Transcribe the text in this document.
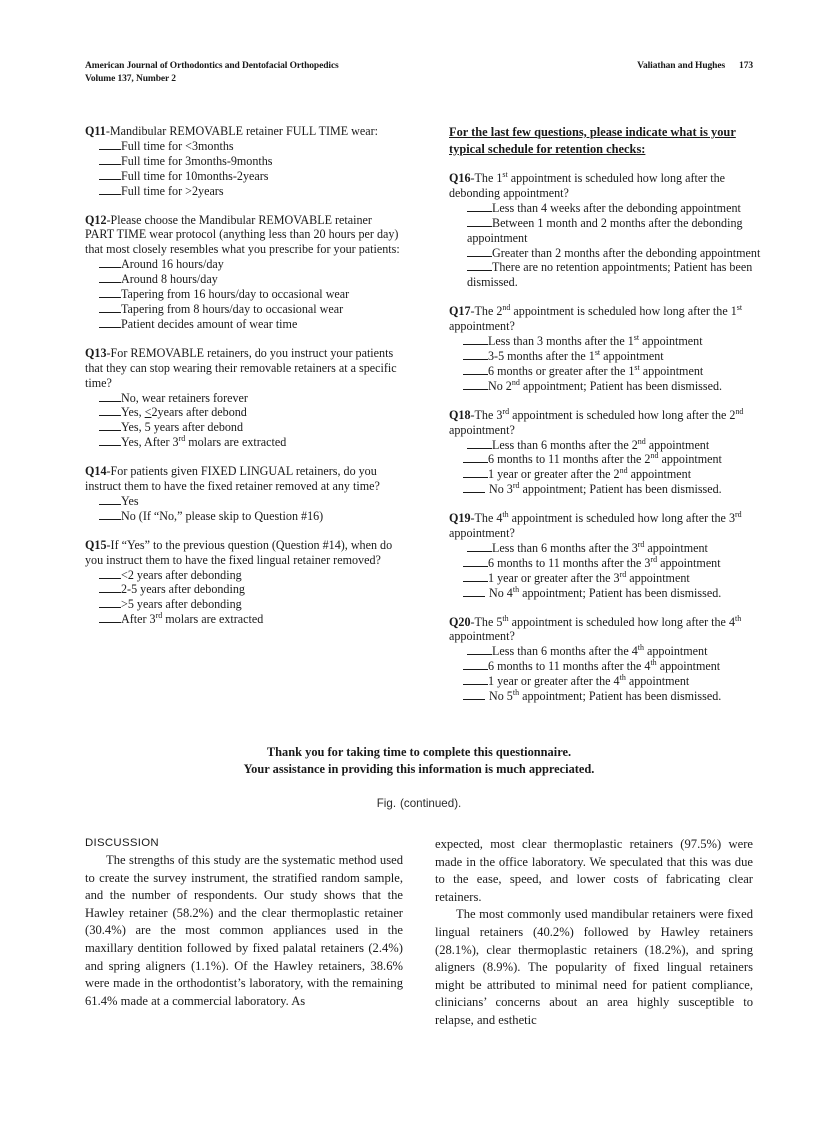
American Journal of Orthodontics and Dentofacial Orthopedics
Volume 137, Number 2
Valiathan and Hughes 173

Q11-Mandibular REMOVABLE retainer FULL TIME wear:

Full time for <3months
Full time for 3months-9months
Full time for 10months-2years
Full time for >2years

Q12-Please choose the Mandibular REMOVABLE retainer PART TIME wear protocol (anything less than 20 hours per day) that most closely resembles what you prescribe for your patients:

Around 16 hours/day
Around 8 hours/day
Tapering from 16 hours/day to occasional wear
Tapering from 8 hours/day to occasional wear
Patient decides amount of wear time

Q13-For REMOVABLE retainers, do you instruct your patients that they can stop wearing their removable retainers at a specific time?

No, wear retainers forever
Yes, <2years after debond
Yes, 5 years after debond
Yes, After 3rd molars are extracted

Q14-For patients given FIXED LINGUAL retainers, do you instruct them to have the fixed retainer removed at any time?

Yes
No (If “No,” please skip to Question #16)

Q15-If “Yes” to the previous question (Question #14), when do you instruct them to have the fixed lingual retainer removed?

<2 years after debonding
2-5 years after debonding
>5 years after debonding
After 3rd molars are extracted

For the last few questions, please indicate what is your typical schedule for retention checks:

Q16-The 1st appointment is scheduled how long after the debonding appointment?

Less than 4 weeks after the debonding appointment
Between 1 month and 2 months after the debonding appointment
Greater than 2 months after the debonding appointment
There are no retention appointments; Patient has been dismissed.

Q17-The 2nd appointment is scheduled how long after the 1st appointment?

Less than 3 months after the 1st appointment
3-5 months after the 1st appointment
6 months or greater after the 1st appointment
No 2nd appointment; Patient has been dismissed.

Q18-The 3rd appointment is scheduled how long after the 2nd appointment?

Less than 6 months after the 2nd appointment
6 months to 11 months after the 2nd appointment
1 year or greater after the 2nd appointment
No 3rd appointment; Patient has been dismissed.

Q19-The 4th appointment is scheduled how long after the 3rd appointment?

Less than 6 months after the 3rd appointment
6 months to 11 months after the 3rd appointment
1 year or greater after the 3rd appointment
No 4th appointment; Patient has been dismissed.

Q20-The 5th appointment is scheduled how long after the 4th appointment?

Less than 6 months after the 4th appointment
6 months to 11 months after the 4th appointment
1 year or greater after the 4th appointment
No 5th appointment; Patient has been dismissed.
Thank you for taking time to complete this questionnaire.
Your assistance in providing this information is much appreciated.
Fig. (continued).

DISCUSSION

The strengths of this study are the systematic method used to create the survey instrument, the stratified random sample, and the number of respondents. Our study shows that the Hawley retainer (58.2%) and the clear thermoplastic retainer (30.4%) are the most common appliances used in the maxillary dentition followed by fixed palatal retainers (2.4%) and spring aligners (1.1%). Of the Hawley retainers, 38.6% were made in the orthodontist’s laboratory, with the remaining 61.4% made at a commercial laboratory. As

expected, most clear thermoplastic retainers (97.5%) were made in the office laboratory. We speculated that this was due to the ease, speed, and lower costs of fabricating clear retainers.

The most commonly used mandibular retainers were fixed lingual retainers (40.2%) followed by Hawley retainers (28.1%), clear thermoplastic retainers (18.2%), and spring aligners (8.9%). The popularity of fixed lingual retainers might be attributed to minimal need for patient compliance, clinicians’ concerns about an area highly susceptible to relapse, and esthetic
